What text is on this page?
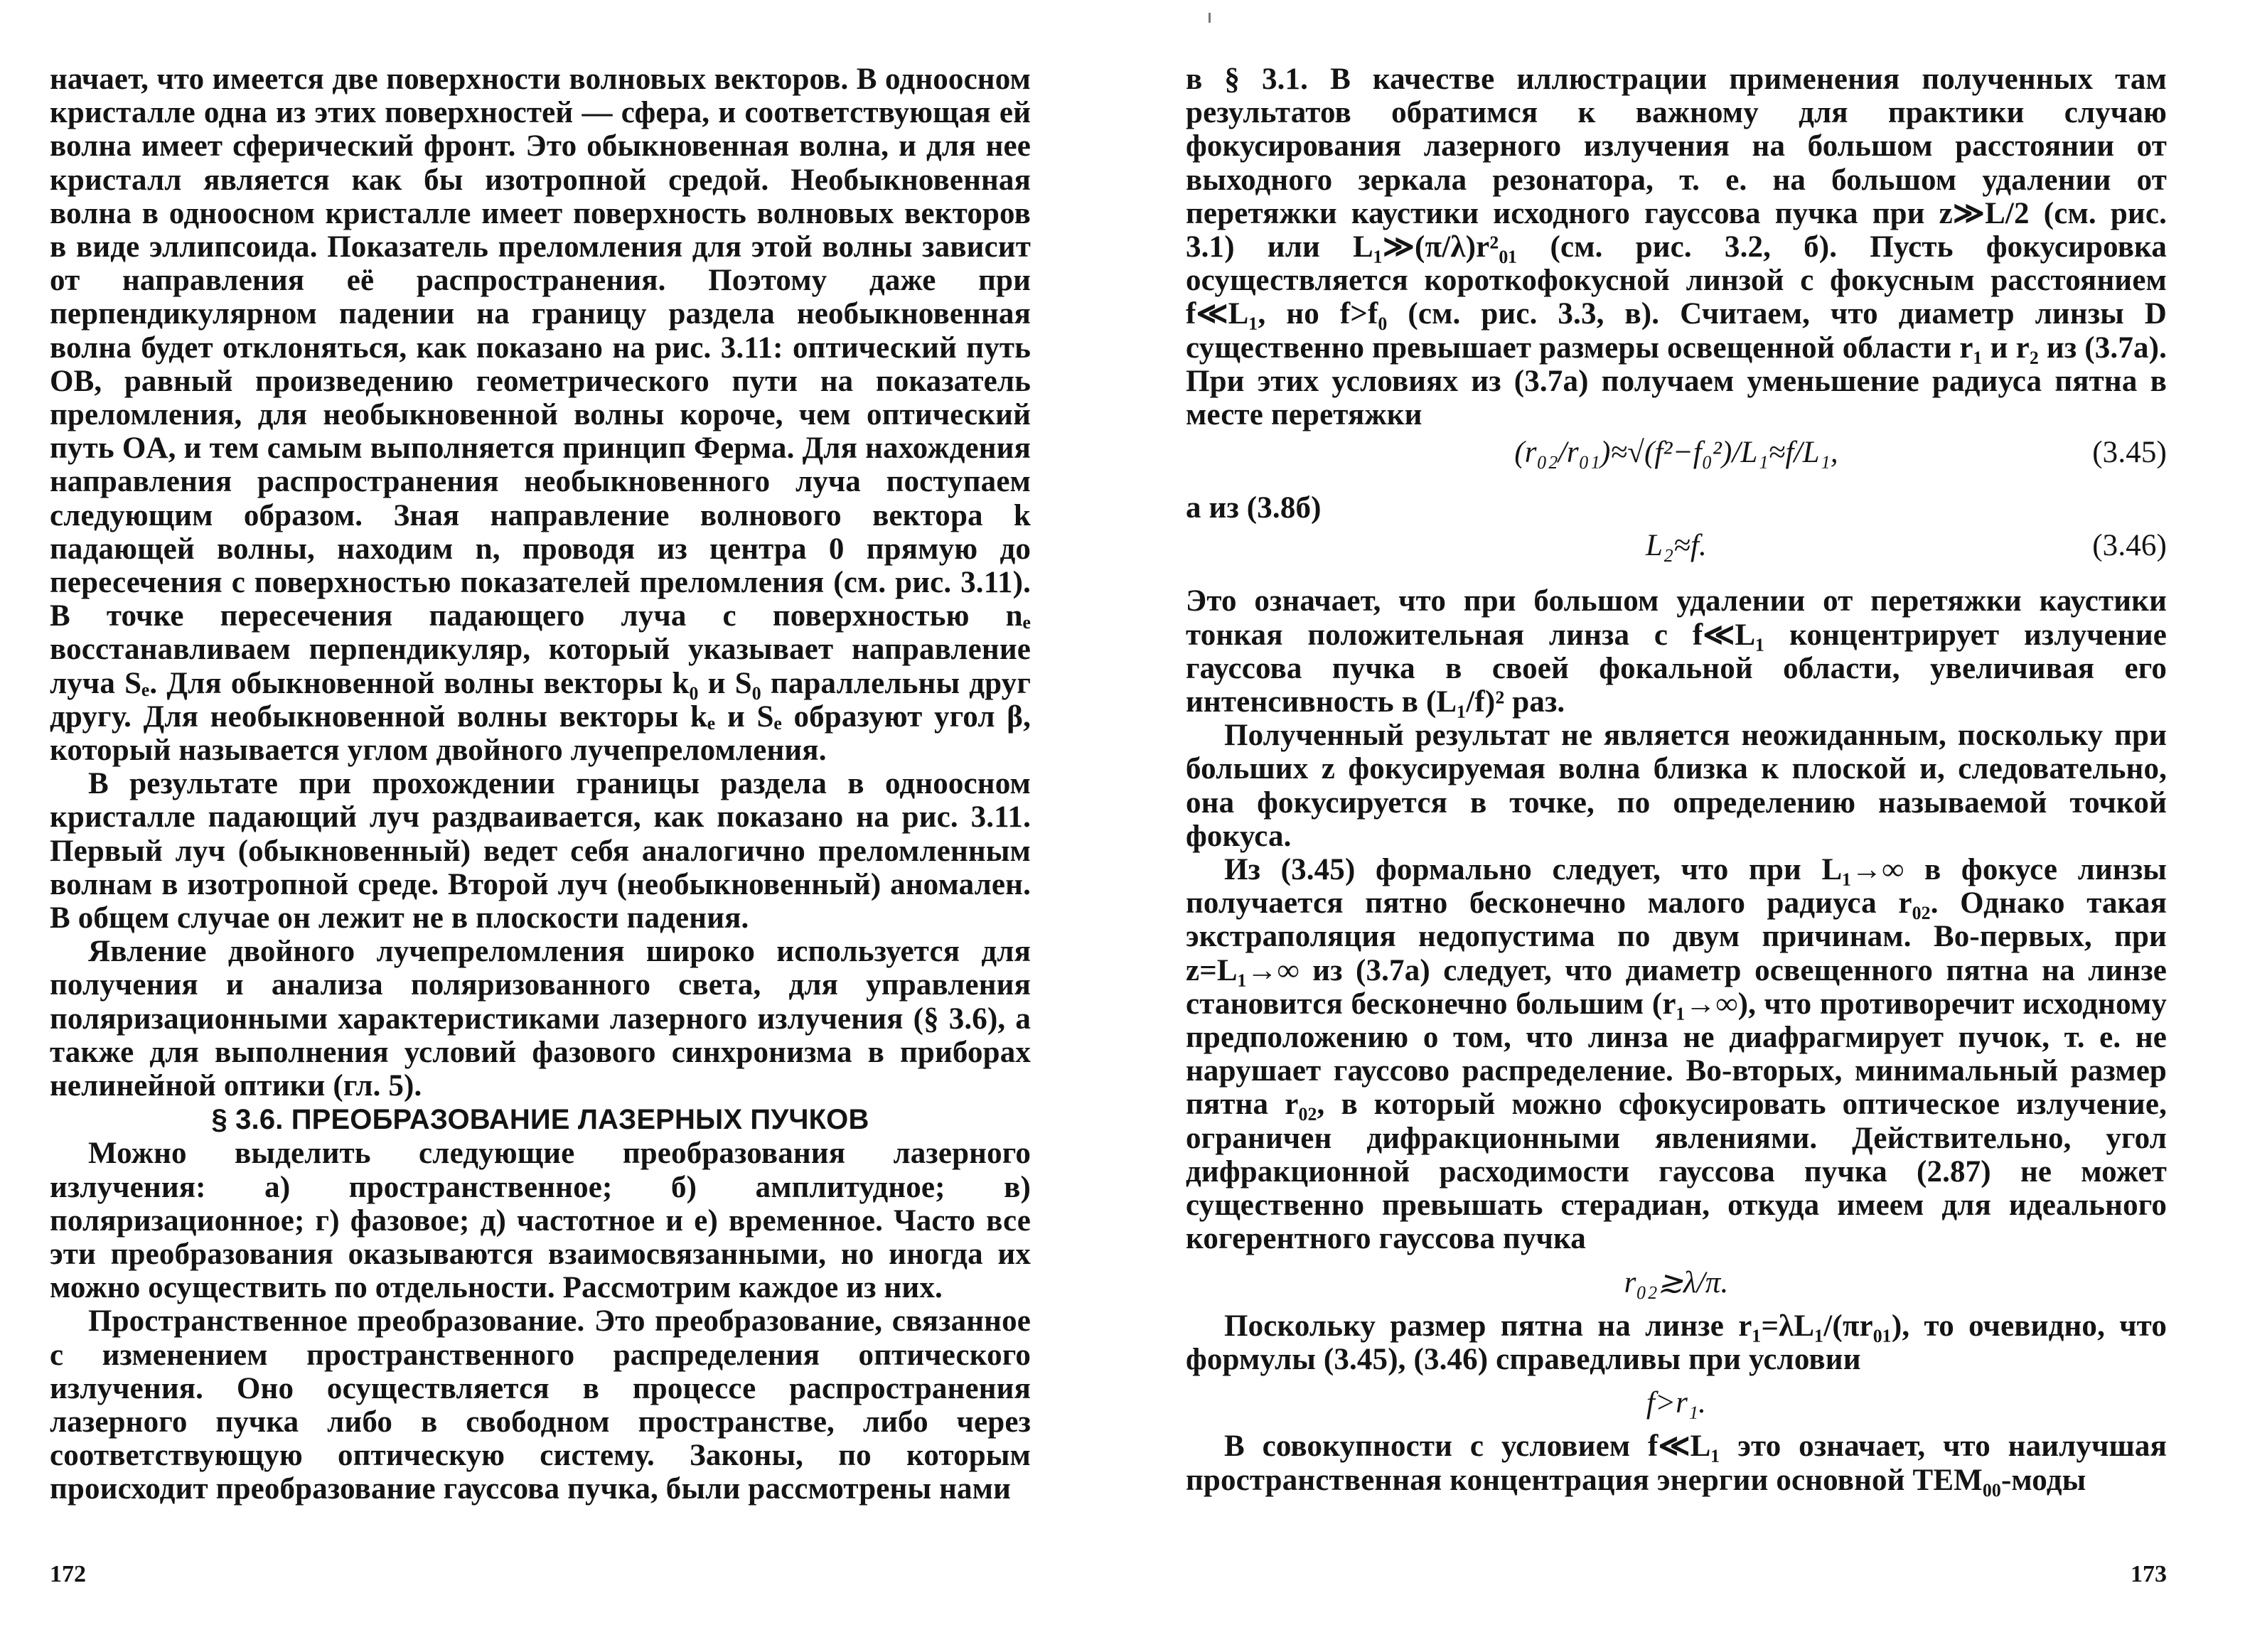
начает, что имеется две поверхности волновых векторов. В одноосном кристалле одна из этих поверхностей — сфера, и соответствующая ей волна имеет сферический фронт. Это обыкновенная волна, и для нее кристалл является как бы изотропной средой. Необыкновенная волна в одноосном кристалле имеет поверхность волновых векторов в виде эллипсоида. Показатель преломления для этой волны зависит от направления её распространения. Поэтому даже при перпендикулярном падении на границу раздела необыкновенная волна будет отклоняться, как показано на рис. 3.11: оптический путь OB, равный произведению геометрического пути на показатель преломления, для необыкновенной волны короче, чем оптический путь OA, и тем самым выполняется принцип Ферма. Для нахождения направления распространения необыкновенного луча поступаем следующим образом. Зная направление волнового вектора k падающей волны, находим n, проводя из центра 0 прямую до пересечения с поверхностью показателей преломления (см. рис. 3.11). В точке пересечения падающего луча с поверхностью nₑ восстанавливаем перпендикуляр, который указывает направление луча Sₑ. Для обыкновенной волны векторы k₀ и S₀ параллельны друг другу. Для необыкновенной волны векторы kₑ и Sₑ образуют угол β, который называется углом двойного лучепреломления.

В результате при прохождении границы раздела в одноосном кристалле падающий луч раздваивается, как показано на рис. 3.11. Первый луч (обыкновенный) ведет себя аналогично преломленным волнам в изотропной среде. Второй луч (необыкновенный) аномален. В общем случае он лежит не в плоскости падения.

Явление двойного лучепреломления широко используется для получения и анализа поляризованного света, для управления поляризационными характеристиками лазерного излучения (§ 3.6), а также для выполнения условий фазового синхронизма в приборах нелинейной оптики (гл. 5).

§ 3.6. ПРЕОБРАЗОВАНИЕ ЛАЗЕРНЫХ ПУЧКОВ

Можно выделить следующие преобразования лазерного излучения: а) пространственное; б) амплитудное; в) поляризационное; г) фазовое; д) частотное и е) временное. Часто все эти преобразования оказываются взаимосвязанными, но иногда их можно осуществить по отдельности. Рассмотрим каждое из них.

Пространственное преобразование. Это преобразование, связанное с изменением пространственного распределения оптического излучения. Оно осуществляется в процессе распространения лазерного пучка либо в свободном пространстве, либо через соответствующую оптическую систему. Законы, по которым происходит преобразование гауссова пучка, были рассмотрены нами

172

в § 3.1. В качестве иллюстрации применения полученных там результатов обратимся к важному для практики случаю фокусирования лазерного излучения на большом расстоянии от выходного зеркала резонатора, т. е. на большом удалении от перетяжки каустики исходного гауссова пучка при z≫L/2 (см. рис. 3.1) или L₁≫(π/λ)r²₀₁ (см. рис. 3.2, б). Пусть фокусировка осуществляется короткофокусной линзой с фокусным расстоянием f≪L₁, но f>f₀ (см. рис. 3.3, в). Считаем, что диаметр линзы D существенно превышает размеры освещенной области r₁ и r₂ из (3.7а). При этих условиях из (3.7а) получаем уменьшение радиуса пятна в месте перетяжки

(r₀₂/r₀₁)≈√(f²−f₀²)/L₁≈f/L₁,	(3.45)

а из (3.8б)

L₂≈f.	(3.46)

Это означает, что при большом удалении от перетяжки каустики тонкая положительная линза с f≪L₁ концентрирует излучение гауссова пучка в своей фокальной области, увеличивая его интенсивность в (L₁/f)² раз.

Полученный результат не является неожиданным, поскольку при больших z фокусируемая волна близка к плоской и, следовательно, она фокусируется в точке, по определению называемой точкой фокуса.

Из (3.45) формально следует, что при L₁→∞ в фокусе линзы получается пятно бесконечно малого радиуса r₀₂. Однако такая экстраполяция недопустима по двум причинам. Во-первых, при z=L₁→∞ из (3.7а) следует, что диаметр освещенного пятна на линзе становится бесконечно большим (r₁→∞), что противоречит исходному предположению о том, что линза не диафрагмирует пучок, т. е. не нарушает гауссово распределение. Во-вторых, минимальный размер пятна r₀₂, в который можно сфокусировать оптическое излучение, ограничен дифракционными явлениями. Действительно, угол дифракционной расходимости гауссова пучка (2.87) не может существенно превышать стерадиан, откуда имеем для идеального когерентного гауссова пучка

r₀₂≳λ/π.

Поскольку размер пятна на линзе r₁=λL₁/(πr₀₁), то очевидно, что формулы (3.45), (3.46) справедливы при условии

f>r₁.

В совокупности с условием f≪L₁ это означает, что наилучшая пространственная концентрация энергии основной TEM₀₀-моды

173
